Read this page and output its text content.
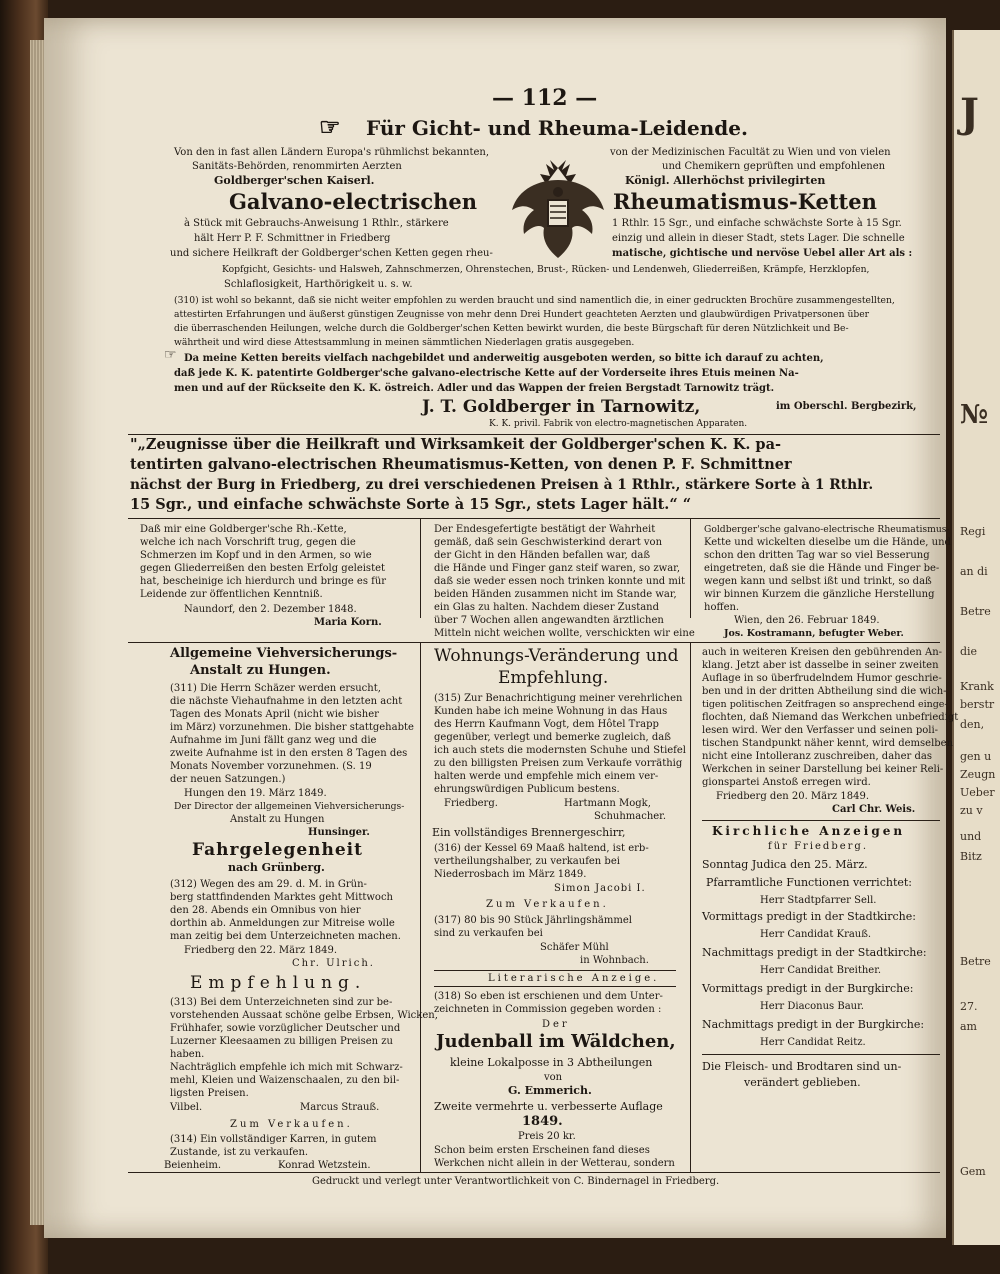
J
№
Regi
an di
Betre
die
Krank
berstr
den,
gen u
Zeugn
Ueber
zu v
und
Bitz
Betre
27.
am
Gem
— 112 —
☞ Für Gicht- und Rheuma-Leidende.
Von den in fast allen Ländern Europa's rühmlichst bekannten,	von der Medizinischen Facultät zu Wien und von vielen
Sanitäts-Behörden, renommirten Aerzten	und Chemikern geprüften und empfohlenen
Goldberger'schen Kaiserl.	Königl. Allerhöchst privilegirten
Galvano-electrischen	Rheumatismus-Ketten
à Stück mit Gebrauchs-Anweisung 1 Rthlr., stärkere	1 Rthlr. 15 Sgr., und einfache schwächste Sorte à 15 Sgr.
hält Herr P. F. Schmittner in Friedberg	einzig und allein in dieser Stadt, stets Lager. Die schnelle
und sichere Heilkraft der Goldberger'schen Ketten gegen rheu-	matische, gichtische und nervöse Uebel aller Art als :
Kopfgicht, Gesichts- und Halsweh, Zahnschmerzen, Ohrenstechen, Brust-, Rücken- und Lendenweh, Gliederreißen, Krämpfe, Herzklopfen,
Schlaflosigkeit, Harthörigkeit u. s. w.
(310) ist wohl so bekannt, daß sie nicht weiter empfohlen zu werden braucht und sind namentlich die, in einer gedruckten Brochüre zusammengestellten,
attestirten Erfahrungen und äußerst günstigen Zeugnisse von mehr denn Drei Hundert geachteten Aerzten und glaubwürdigen Privatpersonen über
die überraschenden Heilungen, welche durch die Goldberger'schen Ketten bewirkt wurden, die beste Bürgschaft für deren Nützlichkeit und Be-
währtheit und wird diese Attestsammlung in meinen sämmtlichen Niederlagen gratis ausgegeben.
☞ Da meine Ketten bereits vielfach nachgebildet und anderweitig ausgeboten werden, so bitte ich darauf zu achten,
daß jede K. K. patentirte Goldberger'sche galvano-electrische Kette auf der Vorderseite ihres Etuis meinen Na-
men und auf der Rückseite den K. K. östreich. Adler und das Wappen der freien Bergstadt Tarnowitz trägt.
J. T. Goldberger in Tarnowitz,	im Oberschl. Bergbezirk,
K. K. privil. Fabrik von electro-magnetischen Apparaten.
"„Zeugnisse über die Heilkraft und Wirksamkeit der Goldberger'schen K. K. pa-
tentirten galvano-electrischen Rheumatismus-Ketten, von denen P. F. Schmittner
nächst der Burg in Friedberg, zu drei verschiedenen Preisen à 1 Rthlr., stärkere Sorte à 1 Rthlr.
15 Sgr., und einfache schwächste Sorte à 15 Sgr., stets Lager hält.“ “
Daß mir eine Goldberger'sche Rh.-Kette,
welche ich nach Vorschrift trug, gegen die
Schmerzen im Kopf und in den Armen, so wie
gegen Gliederreißen den besten Erfolg geleistet
hat, bescheinige ich hierdurch und bringe es für
Leidende zur öffentlichen Kenntniß.
Naundorf, den 2. Dezember 1848.
Maria Korn.
Der Endesgefertigte bestätigt der Wahrheit
gemäß, daß sein Geschwisterkind derart von
der Gicht in den Händen befallen war, daß
die Hände und Finger ganz steif waren, so zwar,
daß sie weder essen noch trinken konnte und mit
beiden Händen zusammen nicht im Stande war,
ein Glas zu halten. Nachdem dieser Zustand
über 7 Wochen allen angewandten ärztlichen
Mitteln nicht weichen wollte, verschickten wir eine
Goldberger'sche galvano-electrische Rheumatismus-
Kette und wickelten dieselbe um die Hände, und
schon den dritten Tag war so viel Besserung
eingetreten, daß sie die Hände und Finger be-
wegen kann und selbst ißt und trinkt, so daß
wir binnen Kurzem die gänzliche Herstellung
hoffen.
Wien, den 26. Februar 1849.
Jos. Kostramann, befugter Weber.
Allgemeine Viehversicherungs-
Anstalt zu Hungen.
(311) Die Herrn Schäzer werden ersucht,
die nächste Viehaufnahme in den letzten acht
Tagen des Monats April (nicht wie bisher
im März) vorzunehmen. Die bisher stattgehabte
Aufnahme im Juni fällt ganz weg und die
zweite Aufnahme ist in den ersten 8 Tagen des
Monats November vorzunehmen. (S. 19
der neuen Satzungen.)
Hungen den 19. März 1849.
Der Director der allgemeinen Viehversicherungs-
Anstalt zu Hungen
Hunsinger.
Fahrgelegenheit
nach Grünberg.
(312) Wegen des am 29. d. M. in Grün-
berg stattfindenden Marktes geht Mittwoch
den 28. Abends ein Omnibus von hier
dorthin ab. Anmeldungen zur Mitreise wolle
man zeitig bei dem Unterzeichneten machen.
Friedberg den 22. März 1849.
Chr. Ulrich.
Empfehlung.
(313) Bei dem Unterzeichneten sind zur be-
vorstehenden Aussaat schöne gelbe Erbsen, Wicken,
Frühhafer, sowie vorzüglicher Deutscher und
Luzerner Kleesaamen zu billigen Preisen zu
haben.
Nachträglich empfehle ich mich mit Schwarz-
mehl, Kleien und Waizenschaalen, zu den bil-
ligsten Preisen.
Vilbel.	Marcus Strauß.
Zum Verkaufen.
(314) Ein vollständiger Karren, in gutem
Zustande, ist zu verkaufen.
Beienheim.	Konrad Wetzstein.
Wohnungs-Veränderung und
Empfehlung.
(315) Zur Benachrichtigung meiner verehrlichen
Kunden habe ich meine Wohnung in das Haus
des Herrn Kaufmann Vogt, dem Hôtel Trapp
gegenüber, verlegt und bemerke zugleich, daß
ich auch stets die modernsten Schuhe und Stiefel
zu den billigsten Preisen zum Verkaufe vorräthig
halten werde und empfehle mich einem ver-
ehrungswürdigen Publicum bestens.
Friedberg.	Hartmann Mogk,
Schuhmacher.
Ein vollständiges Brennergeschirr,
(316) der Kessel 69 Maaß haltend, ist erb-
vertheilungshalber, zu verkaufen bei
Niederrosbach im März 1849.
Simon Jacobi I.
Zum Verkaufen.
(317) 80 bis 90 Stück Jährlingshämmel
sind zu verkaufen bei
Schäfer Mühl
in Wohnbach.
Literarische Anzeige.
(318) So eben ist erschienen und dem Unter-
zeichneten in Commission gegeben worden :
Der
Judenball im Wäldchen,
kleine Lokalposse in 3 Abtheilungen
von
G. Emmerich.
Zweite vermehrte u. verbesserte Auflage
1849.
Preis 20 kr.
Schon beim ersten Erscheinen fand dieses
Werkchen nicht allein in der Wetterau, sondern
auch in weiteren Kreisen den gebührenden An-
klang. Jetzt aber ist dasselbe in seiner zweiten
Auflage in so überfrudelndem Humor geschrie-
ben und in der dritten Abtheilung sind die wich-
tigen politischen Zeitfragen so ansprechend einge-
flochten, daß Niemand das Werkchen unbefriedigt
lesen wird. Wer den Verfasser und seinen poli-
tischen Standpunkt näher kennt, wird demselben
nicht eine Intolleranz zuschreiben, daher das
Werkchen in seiner Darstellung bei keiner Reli-
gionspartei Anstoß erregen wird.
Friedberg den 20. März 1849.
Carl Chr. Weis.
Kirchliche Anzeigen
für Friedberg.
Sonntag Judica den 25. März.
Pfarramtliche Functionen verrichtet:
Herr Stadtpfarrer Sell.
Vormittags predigt in der Stadtkirche:
Herr Candidat Krauß.
Nachmittags predigt in der Stadtkirche:
Herr Candidat Breither.
Vormittags predigt in der Burgkirche:
Herr Diaconus Baur.
Nachmittags predigt in der Burgkirche:
Herr Candidat Reitz.
Die Fleisch- und Brodtaren sind un-
verändert geblieben.
Gedruckt und verlegt unter Verantwortlichkeit von C. Bindernagel in Friedberg.
